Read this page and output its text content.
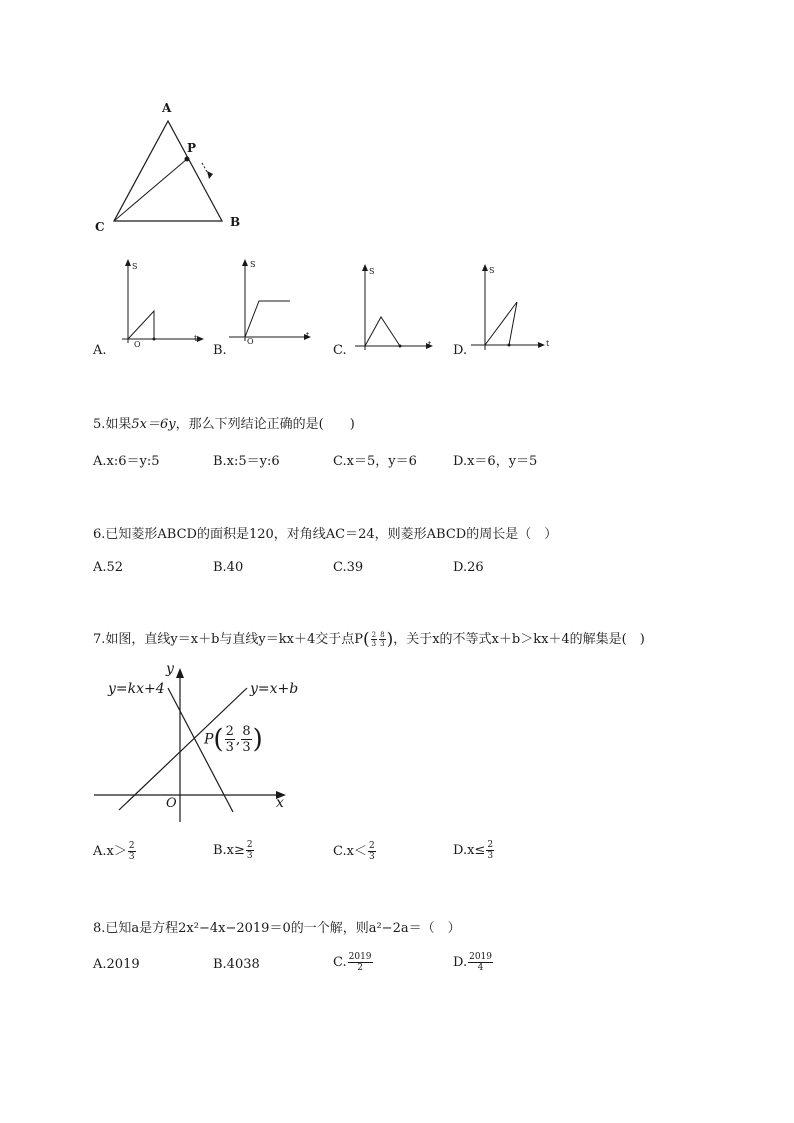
A
P
C	B
S
t
O
A.
S
t
O
B.
S
t
C.
S
t
D.
5.如果5x＝6y，那么下列结论正确的是(　　)
A.x:6＝y:5	B.x:5＝y:6	C.x＝5，y＝6	D.x＝6，y＝5
6.已知菱形ABCD的面积是120，对角线AC＝24，则菱形ABCD的周长是（　）
A.52	B.40	C.39	D.26
7.如图，直线y＝x＋b与直线y＝kx＋4交于点$P( \frac{2}{3} \frac{8}{3}$ )，关于x的不等式x＋b＞kx＋4的解集是(　)
y=kx+4	y=x+b
y
x
O
$P( \frac{2}{3}$ , $\frac{8}{3}$ )
$A.x> \frac{2}{3}$	$B.x\ge \frac{2}{3}$	$C.x< \frac{2}{3}$	$D.x\le \frac{2}{3}$
8.已知a是方程2x²−4x−2019＝0的一个解，则a²−2a＝（　）
A.2019	B.4038	C. $\frac{2019}{2}$	D. $\frac{2019}{4}$
